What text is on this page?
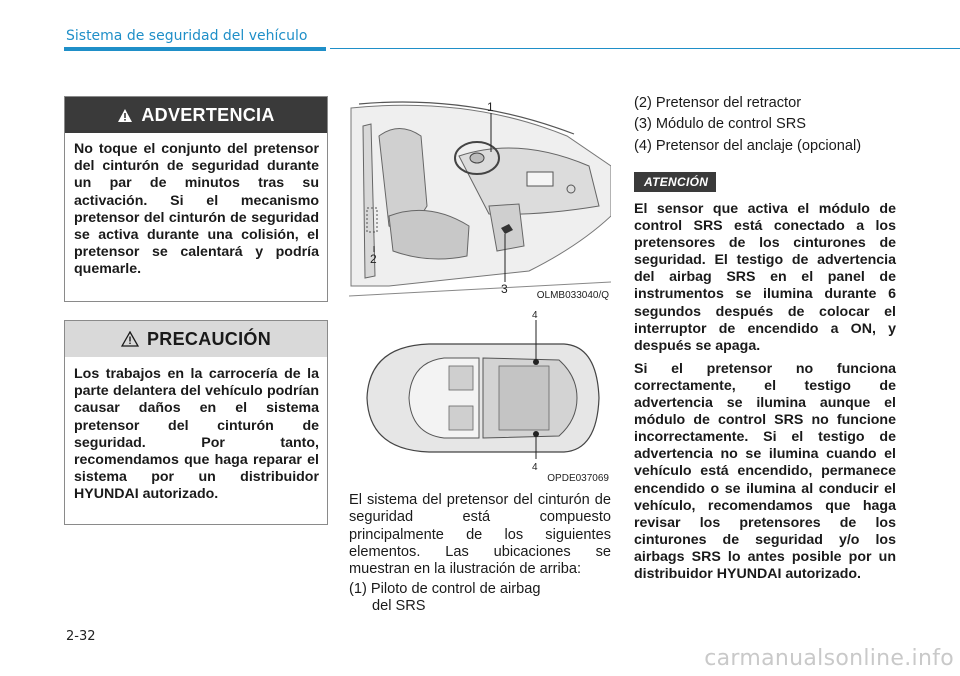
Sistema de seguridad del vehículo
ADVERTENCIA
No toque el conjunto del pretensor del cinturón de seguridad durante un par de minutos tras su activación. Si el mecanismo pretensor del cinturón de seguridad se activa durante una colisión, el pretensor se calentará y podría quemarle.
PRECAUCIÓN
Los trabajos en la carrocería de la parte delantera del vehículo podrían causar daños en el sistema pretensor del cinturón de seguridad. Por tanto, recomendamos que haga reparar el sistema por un distribuidor HYUNDAI autorizado.
1
2
3	OLMB033040/Q
4
4
OPDE037069
El sistema del pretensor del cinturón de seguridad está compuesto principalmente de los siguientes elementos. Las ubicaciones se muestran en la ilustración de arriba:

(1) Piloto de control de airbag

del SRS

(2) Pretensor del retractor

(3) Módulo de control SRS

(4) Pretensor del anclaje (opcional)

ATENCIÓN

El sensor que activa el módulo de control SRS está conectado a los pretensores de los cinturones de seguridad. El testigo de advertencia del airbag SRS en el panel de instrumentos se ilumina durante 6 segundos después de colocar el interruptor de encendido a ON, y después se apaga.

Si el pretensor no funciona correctamente, el testigo de advertencia se ilumina aunque el módulo de control SRS no funcione incorrectamente. Si el testigo de advertencia no se ilumina cuando el vehículo está encendido, permanece encendido o se ilumina al conducir el vehículo, recomendamos que haga revisar los pretensores de los cinturones de seguridad y/o los airbags SRS lo antes posible por un distribuidor HYUNDAI autorizado.

2-32
carmanualsonline.info
